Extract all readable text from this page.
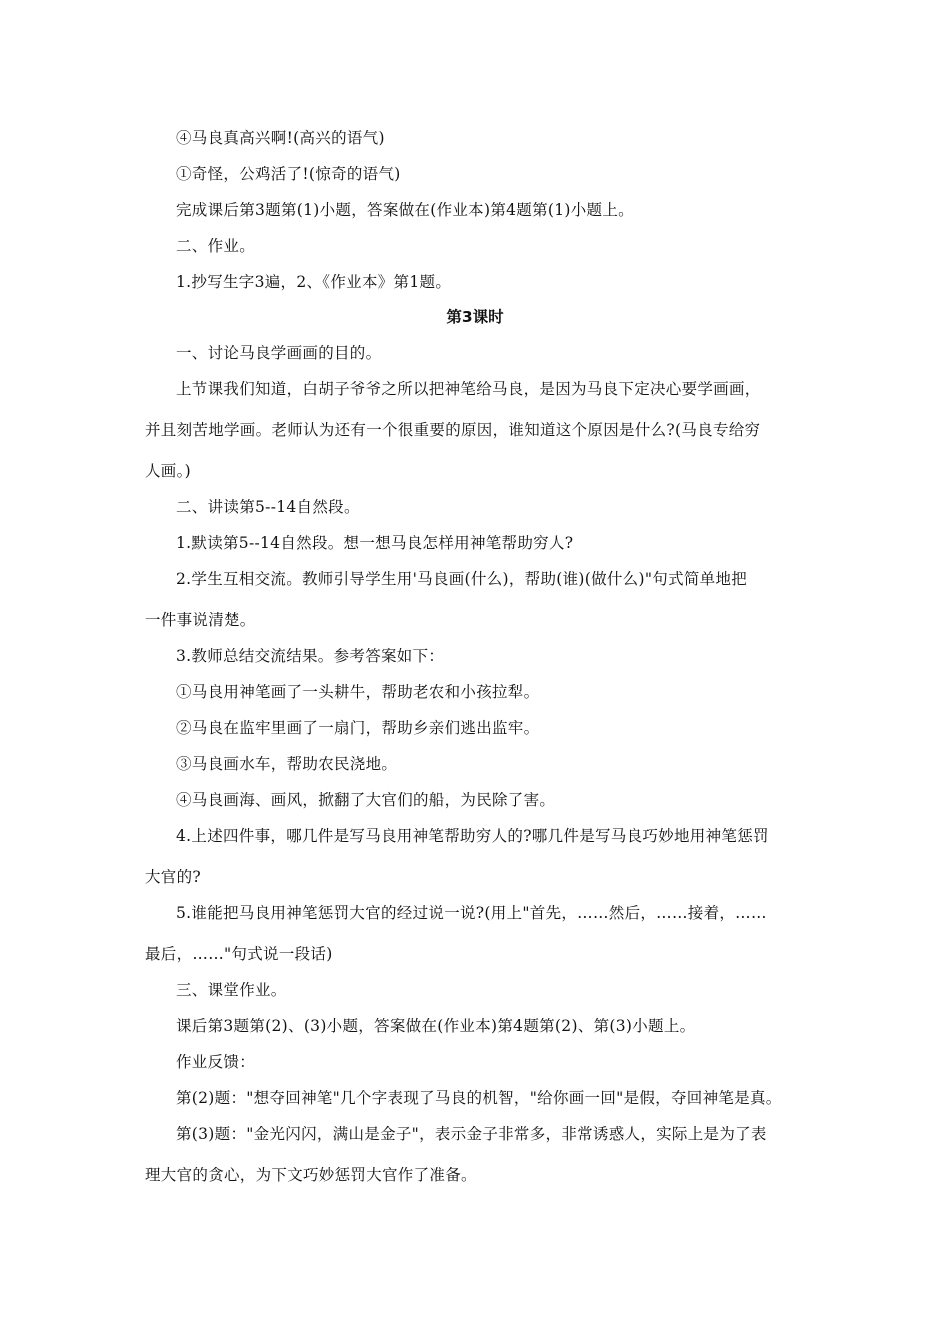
④马良真高兴啊!(高兴的语气)
①奇怪，公鸡活了!(惊奇的语气)
完成课后第3题第(1)小题，答案做在(作业本)第4题第(1)小题上。
二、作业。
1.抄写生字3遍，2、《作业本》第1题。
第3课时
一、讨论马良学画画的目的。
上节课我们知道，白胡子爷爷之所以把神笔给马良，是因为马良下定决心要学画画，
并且刻苦地学画。老师认为还有一个很重要的原因，谁知道这个原因是什么?(马良专给穷
人画。)
二、讲读第5--14自然段。
1.默读第5--14自然段。想一想马良怎样用神笔帮助穷人?
2.学生互相交流。教师引导学生用'马良画(什么)，帮助(谁)(做什么)"句式简单地把
一件事说清楚。
3.教师总结交流结果。参考答案如下：
①马良用神笔画了一头耕牛，帮助老农和小孩拉犁。
②马良在监牢里画了一扇门，帮助乡亲们逃出监牢。
③马良画水车，帮助农民浇地。
④马良画海、画风，掀翻了大官们的船，为民除了害。
4.上述四件事，哪几件是写马良用神笔帮助穷人的?哪几件是写马良巧妙地用神笔惩罚
大官的?
5.谁能把马良用神笔惩罚大官的经过说一说?(用上"首先，……然后，……接着，……
最后，……"句式说一段话)
三、课堂作业。
课后第3题第(2)、(3)小题，答案做在(作业本)第4题第(2)、第(3)小题上。
作业反馈：
第(2)题："想夺回神笔"几个字表现了马良的机智，"给你画一回"是假，夺回神笔是真。
第(3)题："金光闪闪，满山是金子"，表示金子非常多，非常诱惑人，实际上是为了表
理大官的贪心，为下文巧妙惩罚大官作了准备。
